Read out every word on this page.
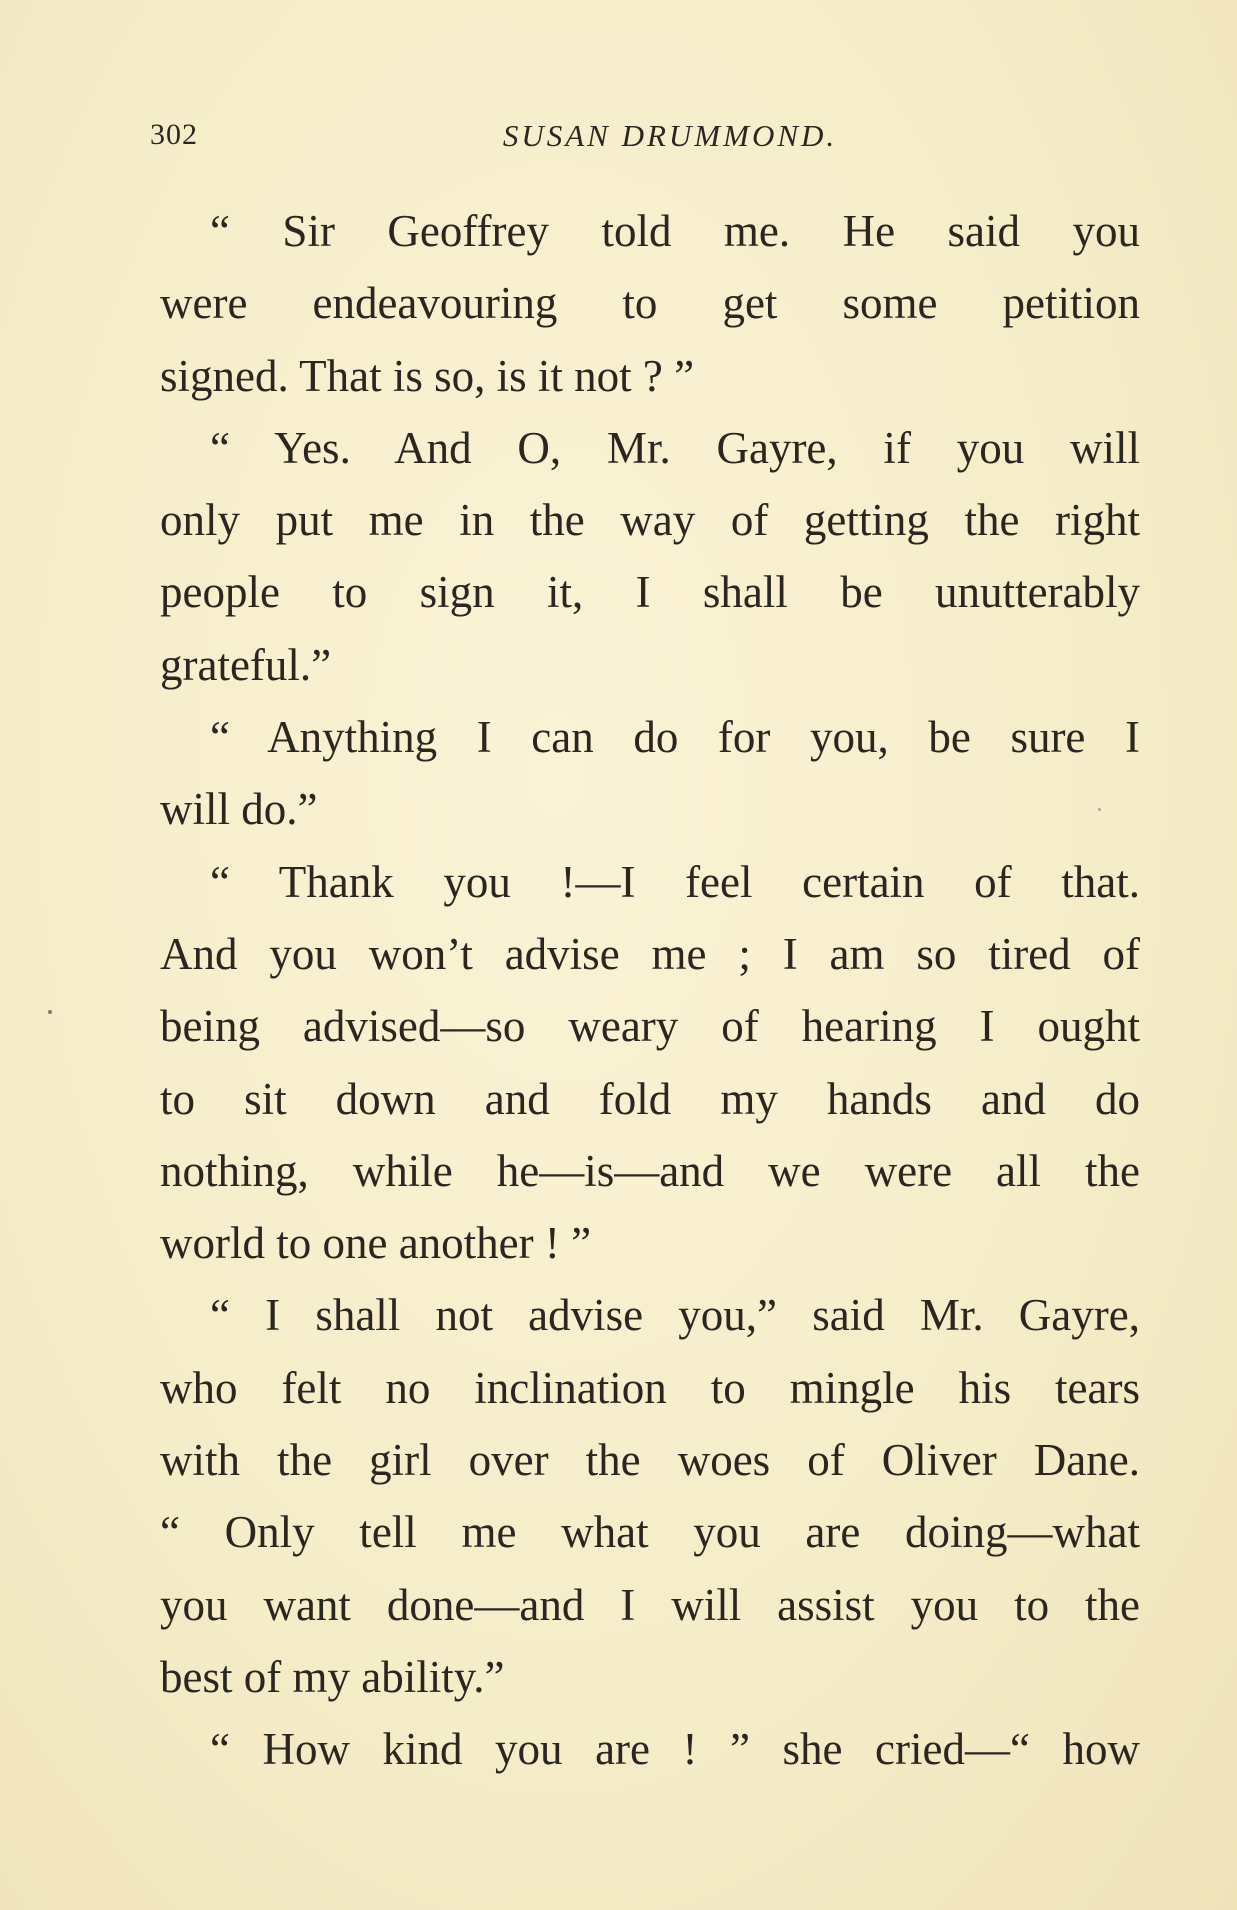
302	SUSAN DRUMMOND.
“ Sir Geoffrey told me. He said you
were endeavouring to get some petition
signed. That is so, is it not ? ”
“ Yes. And O, Mr. Gayre, if you will
only put me in the way of getting the right
people to sign it, I shall be unutterably
grateful.”
“ Anything I can do for you, be sure I
will do.”
“ Thank you !—I feel certain of that.
And you won’t advise me ; I am so tired of
being advised—so weary of hearing I ought
to sit down and fold my hands and do
nothing, while he—is—and we were all the
world to one another ! ”
“ I shall not advise you,” said Mr. Gayre,
who felt no inclination to mingle his tears
with the girl over the woes of Oliver Dane.
“ Only tell me what you are doing—what
you want done—and I will assist you to the
best of my ability.”
“ How kind you are ! ” she cried—“ how
